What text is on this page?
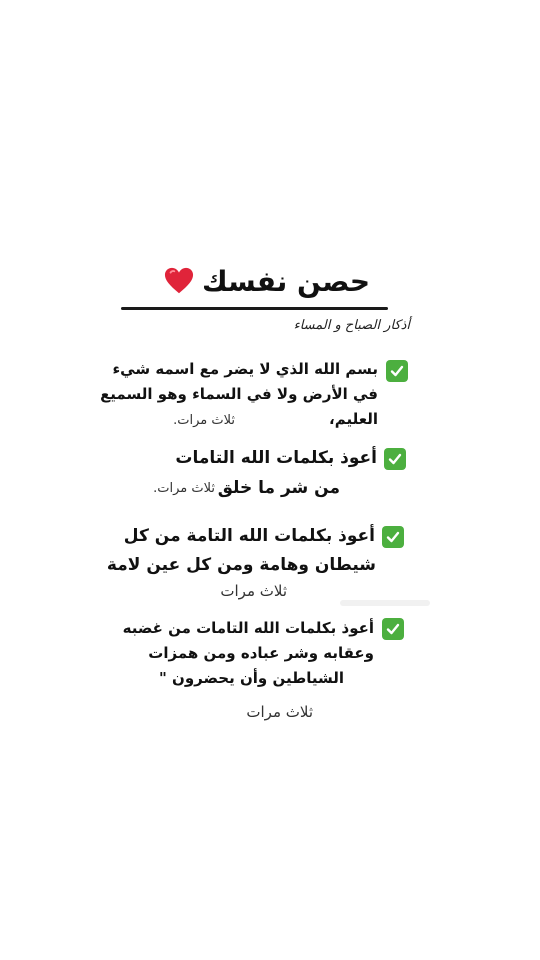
حصن نفسك
أذكار الصباح و المساء
بسم الله الذي لا يضر مع اسمه شيء
في الأرض ولا في السماء وهو السميع
العليم،
ثلاث مرات.
أعوذ بكلمات الله التامات
من شر ما خلق
ثلاث مرات.
أعوذ بكلمات الله التامة من كل
شيطان وهامة ومن كل عين لامة
ثلاث مرات
أعوذ بكلمات الله التامات من غضبه
وعقابه وشر عباده ومن همزات
الشياطين وأن يحضرون "
ثلاث مرات
